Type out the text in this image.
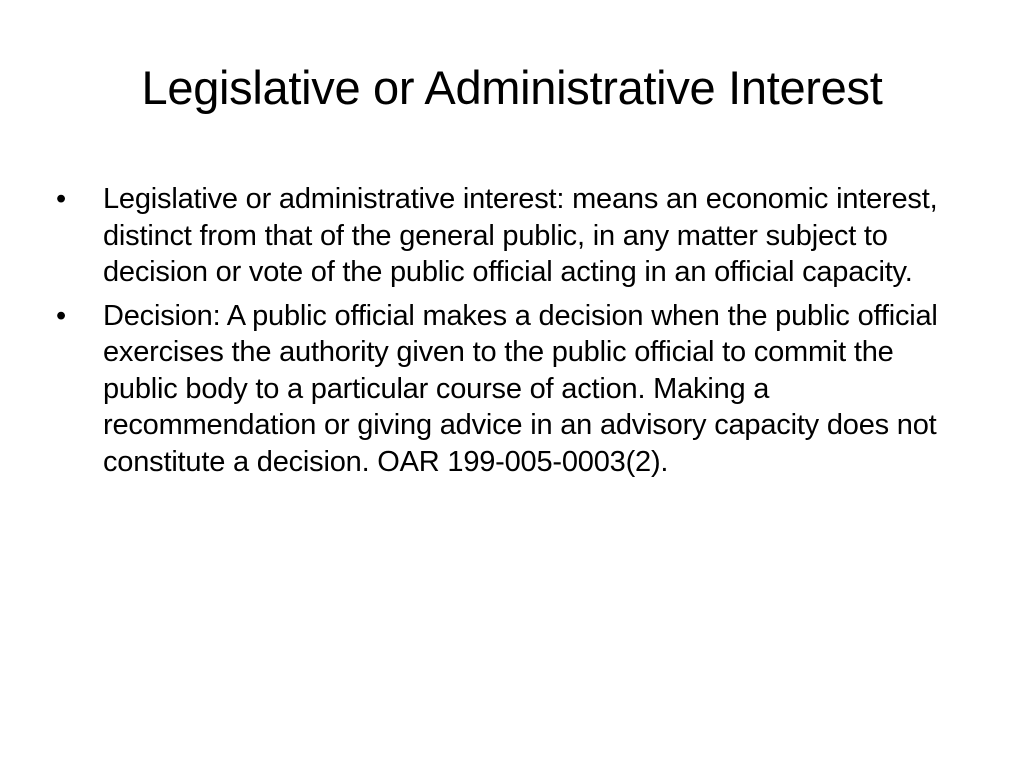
Legislative or Administrative Interest
•	Legislative or administrative interest: means an economic interest, distinct from that of the general public, in any matter subject to decision or vote of the public official acting in an official capacity.
•	Decision: A public official makes a decision when the public official exercises the authority given to the public official to commit the public body to a particular course of action. Making a recommendation or giving advice in an advisory capacity does not constitute a decision. OAR 199-005-0003(2).
